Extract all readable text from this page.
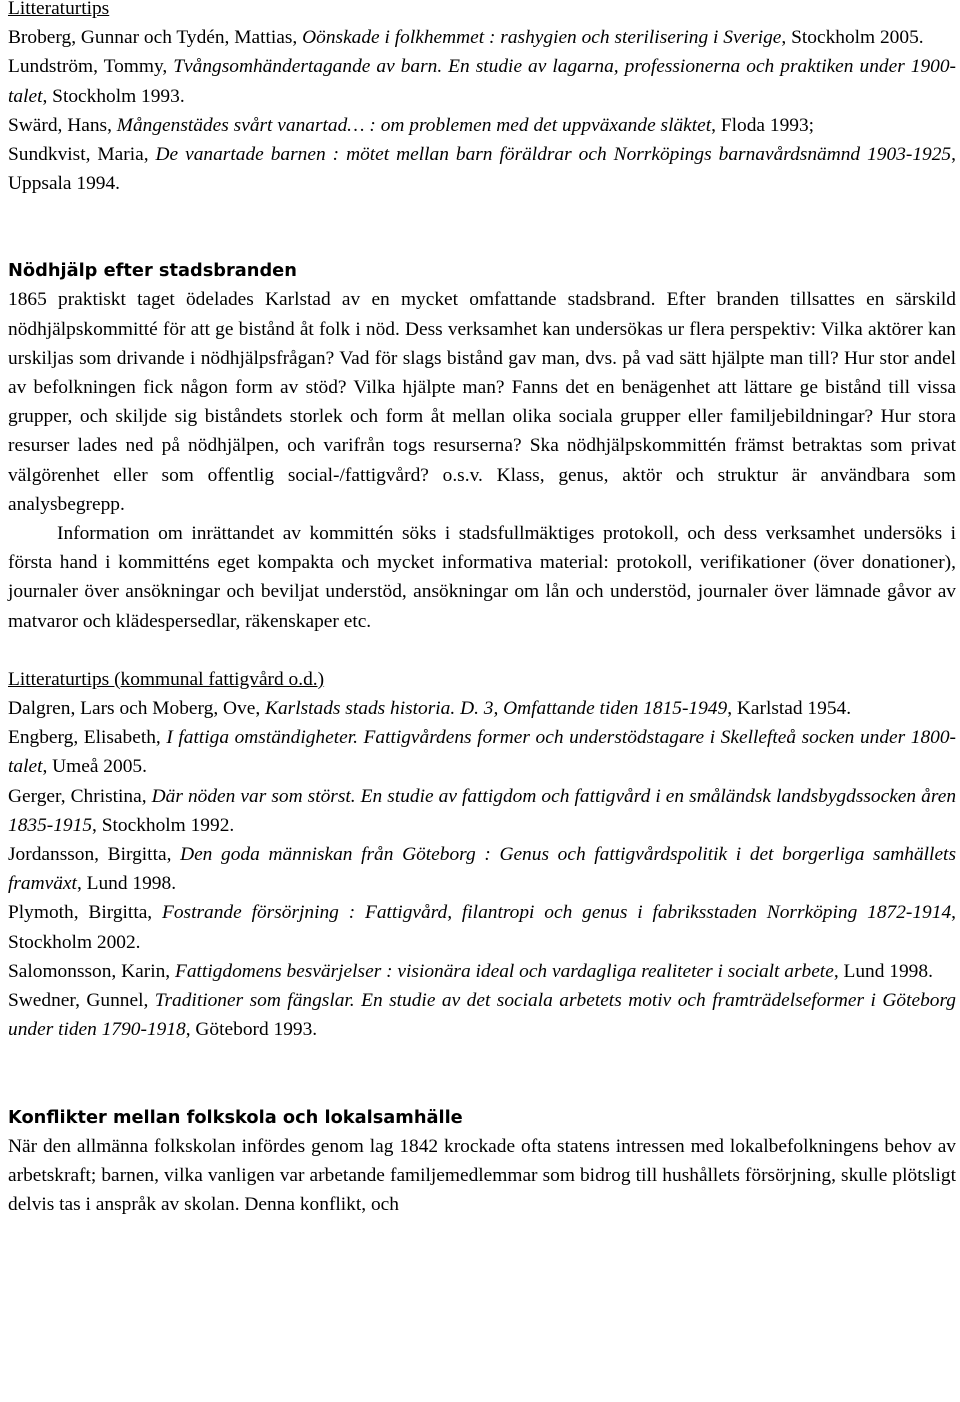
Litteraturtips

Broberg, Gunnar och Tydén, Mattias, Oönskade i folkhemmet : rashygien och sterilisering i Sverige, Stockholm 2005.

Lundström, Tommy, Tvångsomhändertagande av barn. En studie av lagarna, professionerna och praktiken under 1900-talet, Stockholm 1993.

Swärd, Hans, Mångenstädes svårt vanartad… : om problemen med det uppväxande släktet, Floda 1993;

Sundkvist, Maria, De vanartade barnen : mötet mellan barn föräldrar och Norrköpings barnavårdsnämnd 1903-1925, Uppsala 1994.

Nödhjälp efter stadsbranden

1865 praktiskt taget ödelades Karlstad av en mycket omfattande stadsbrand. Efter branden tillsattes en särskild nödhjälpskommitté för att ge bistånd åt folk i nöd. Dess verksamhet kan undersökas ur flera perspektiv: Vilka aktörer kan urskiljas som drivande i nödhjälpsfrågan? Vad för slags bistånd gav man, dvs. på vad sätt hjälpte man till? Hur stor andel av befolkningen fick någon form av stöd? Vilka hjälpte man? Fanns det en benägenhet att lättare ge bistånd till vissa grupper, och skiljde sig biståndets storlek och form åt mellan olika sociala grupper eller familjebildningar? Hur stora resurser lades ned på nödhjälpen, och varifrån togs resurserna? Ska nödhjälpskommittén främst betraktas som privat välgörenhet eller som offentlig social-/fattigvård? o.s.v. Klass, genus, aktör och struktur är användbara som analysbegrepp.

Information om inrättandet av kommittén söks i stadsfullmäktiges protokoll, och dess verksamhet undersöks i första hand i kommitténs eget kompakta och mycket informativa material: protokoll, verifikationer (över donationer), journaler över ansökningar och beviljat understöd, ansökningar om lån och understöd, journaler över lämnade gåvor av matvaror och klädespersedlar, räkenskaper etc.

Litteraturtips (kommunal fattigvård o.d.)

Dalgren, Lars och Moberg, Ove, Karlstads stads historia. D. 3, Omfattande tiden 1815-1949, Karlstad 1954.

Engberg, Elisabeth, I fattiga omständigheter. Fattigvårdens former och understödstagare i Skellefteå socken under 1800-talet, Umeå 2005.

Gerger, Christina, Där nöden var som störst. En studie av fattigdom och fattigvård i en småländsk landsbygdssocken åren 1835-1915, Stockholm 1992.

Jordansson, Birgitta, Den goda människan från Göteborg : Genus och fattigvårdspolitik i det borgerliga samhällets framväxt, Lund 1998.

Plymoth, Birgitta, Fostrande försörjning : Fattigvård, filantropi och genus i fabriksstaden Norrköping 1872-1914, Stockholm 2002.

Salomonsson, Karin, Fattigdomens besvärjelser : visionära ideal och vardagliga realiteter i socialt arbete, Lund 1998.

Swedner, Gunnel, Traditioner som fängslar. En studie av det sociala arbetets motiv och framträdelseformer i Göteborg under tiden 1790-1918, Götebord 1993.

Konflikter mellan folkskola och lokalsamhälle

När den allmänna folkskolan infördes genom lag 1842 krockade ofta statens intressen med lokalbefolkningens behov av arbetskraft; barnen, vilka vanligen var arbetande familjemedlemmar som bidrog till hushållets försörjning, skulle plötsligt delvis tas i anspråk av skolan. Denna konflikt, och
